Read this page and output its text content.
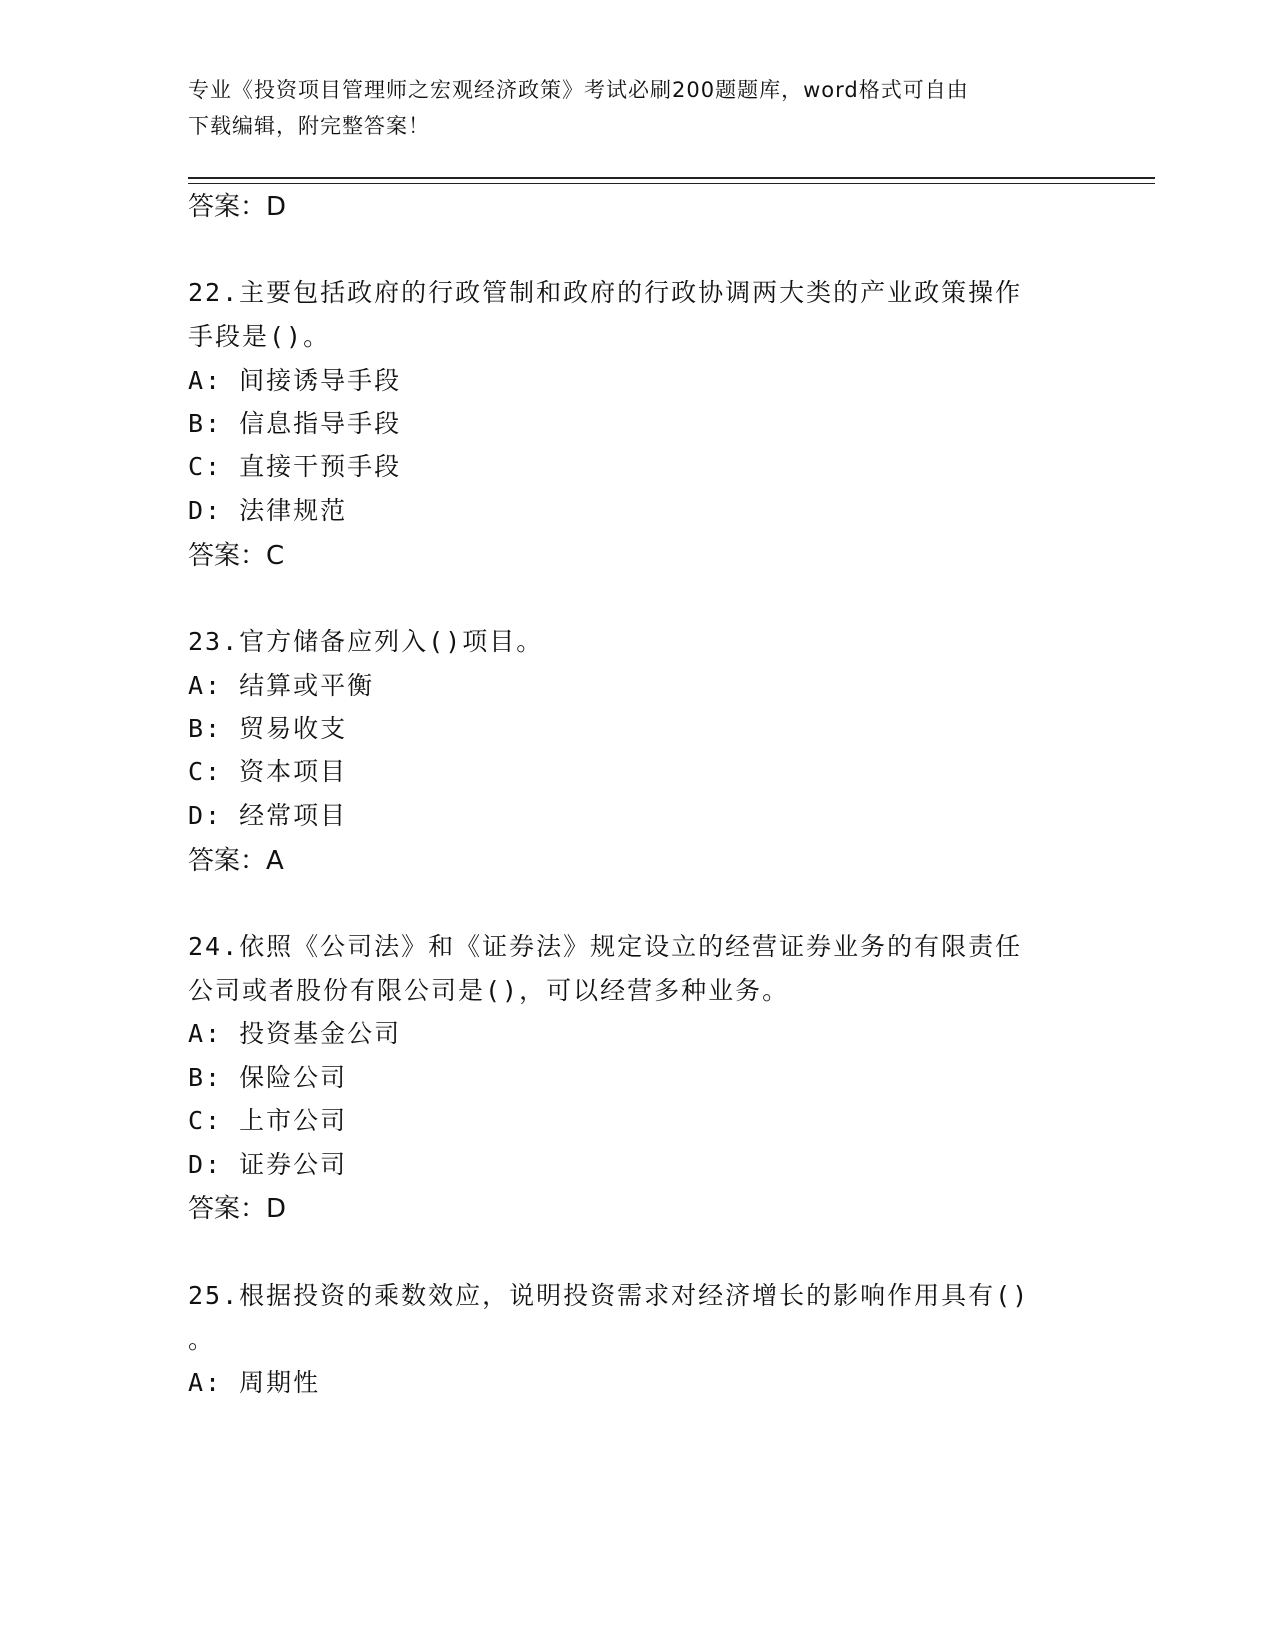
专业《投资项目管理师之宏观经济政策》考试必刷200题题库，word格式可自由
下载编辑，附完整答案！
答案：D
22.主要包括政府的行政管制和政府的行政协调两大类的产业政策操作
手段是()。
A: 间接诱导手段
B: 信息指导手段
C: 直接干预手段
D: 法律规范
答案：C
23.官方储备应列入()项目。
A: 结算或平衡
B: 贸易收支
C: 资本项目
D: 经常项目
答案：A
24.依照《公司法》和《证券法》规定设立的经营证券业务的有限责任
公司或者股份有限公司是()，可以经营多种业务。
A: 投资基金公司
B: 保险公司
C: 上市公司
D: 证券公司
答案：D
25.根据投资的乘数效应，说明投资需求对经济增长的影响作用具有()
。
A: 周期性
